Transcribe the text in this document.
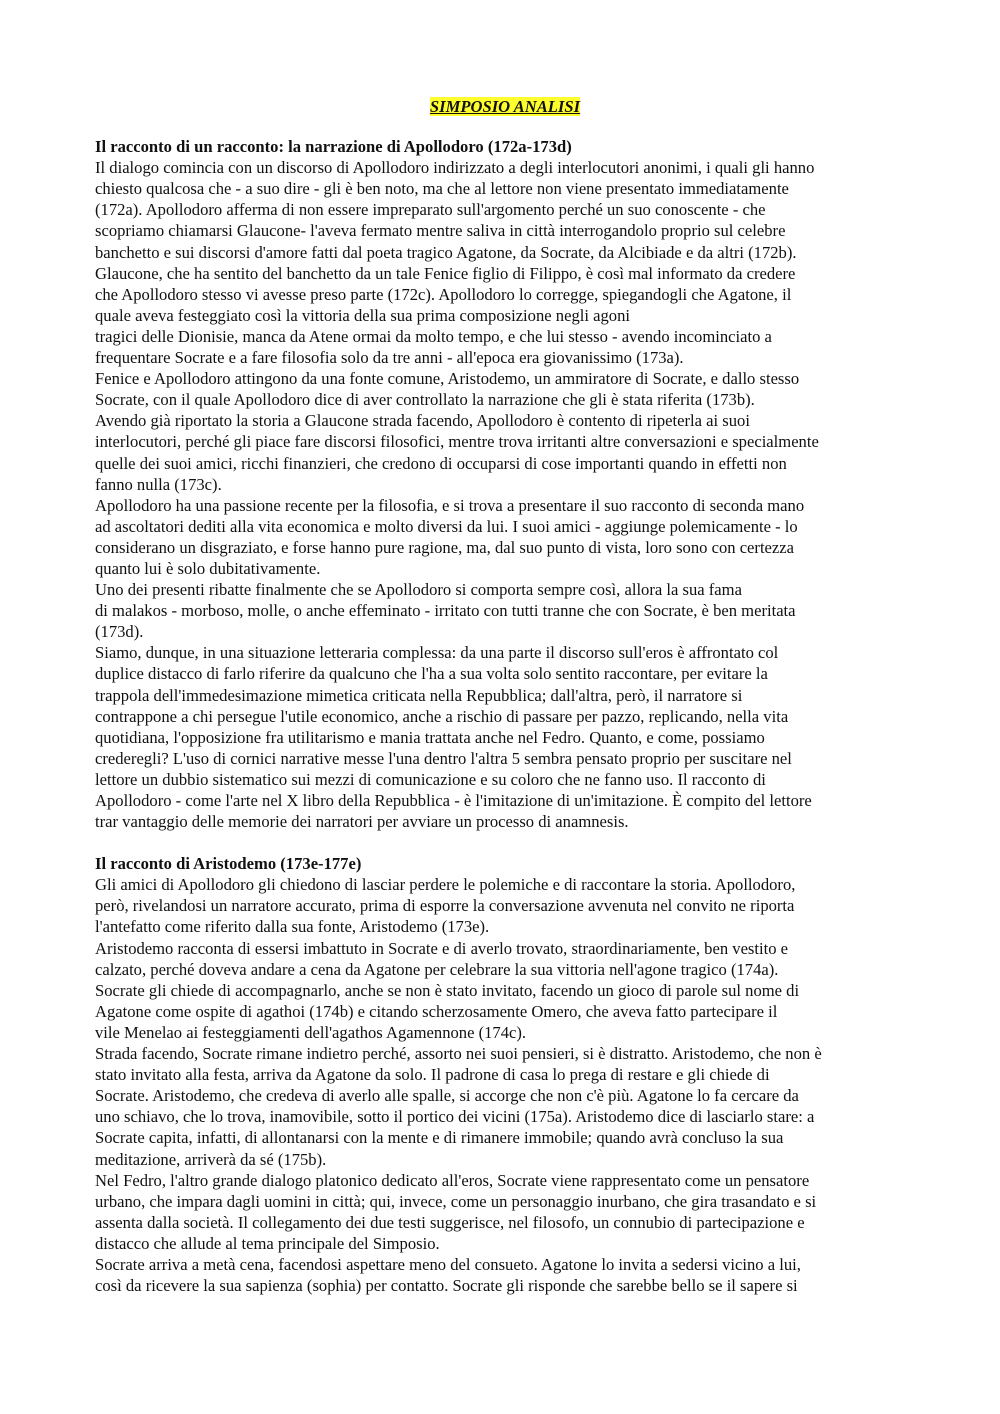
SIMPOSIO ANALISI
Il racconto di un racconto: la narrazione di Apollodoro (172a-173d)
Il dialogo comincia con un discorso di Apollodoro indirizzato a degli interlocutori anonimi, i quali gli hanno
chiesto qualcosa che - a suo dire - gli è ben noto, ma che al lettore non viene presentato immediatamente
(172a). Apollodoro afferma di non essere impreparato sull'argomento perché un suo conoscente - che
scopriamo chiamarsi Glaucone- l'aveva fermato mentre saliva in città interrogandolo proprio sul celebre
banchetto e sui discorsi d'amore fatti dal poeta tragico Agatone, da Socrate, da Alcibiade e da altri (172b).
Glaucone, che ha sentito del banchetto da un tale Fenice figlio di Filippo, è così mal informato da credere
che Apollodoro stesso vi avesse preso parte (172c). Apollodoro lo corregge, spiegandogli che Agatone, il
quale aveva festeggiato così la vittoria della sua prima composizione negli agoni
tragici delle Dionisie, manca da Atene ormai da molto tempo, e che lui stesso - avendo incominciato a
frequentare Socrate e a fare filosofia solo da tre anni - all'epoca era giovanissimo (173a).
Fenice e Apollodoro attingono da una fonte comune, Aristodemo, un ammiratore di Socrate, e dallo stesso
Socrate, con il quale Apollodoro dice di aver controllato la narrazione che gli è stata riferita (173b).
Avendo già riportato la storia a Glaucone strada facendo, Apollodoro è contento di ripeterla ai suoi
interlocutori, perché gli piace fare discorsi filosofici, mentre trova irritanti altre conversazioni e specialmente
quelle dei suoi amici, ricchi finanzieri, che credono di occuparsi di cose importanti quando in effetti non
fanno nulla (173c).
Apollodoro ha una passione recente per la filosofia, e si trova a presentare il suo racconto di seconda mano
ad ascoltatori dediti alla vita economica e molto diversi da lui. I suoi amici - aggiunge polemicamente - lo
considerano un disgraziato, e forse hanno pure ragione, ma, dal suo punto di vista, loro sono con certezza
quanto lui è solo dubitativamente.
Uno dei presenti ribatte finalmente che se Apollodoro si comporta sempre così, allora la sua fama
di malakos - morboso, molle, o anche effeminato - irritato con tutti tranne che con Socrate, è ben meritata
(173d).
Siamo, dunque, in una situazione letteraria complessa: da una parte il discorso sull'eros è affrontato col
duplice distacco di farlo riferire da qualcuno che l'ha a sua volta solo sentito raccontare, per evitare la
trappola dell'immedesimazione mimetica criticata nella Repubblica; dall'altra, però, il narratore si
contrappone a chi persegue l'utile economico, anche a rischio di passare per pazzo, replicando, nella vita
quotidiana, l'opposizione fra utilitarismo e mania trattata anche nel Fedro. Quanto, e come, possiamo
crederegli? L'uso di cornici narrative messe l'una dentro l'altra 5 sembra pensato proprio per suscitare nel
lettore un dubbio sistematico sui mezzi di comunicazione e su coloro che ne fanno uso. Il racconto di
Apollodoro - come l'arte nel X libro della Repubblica - è l'imitazione di un'imitazione. È compito del lettore
trar vantaggio delle memorie dei narratori per avviare un processo di anamnesis.
Il racconto di Aristodemo (173e-177e)
Gli amici di Apollodoro gli chiedono di lasciar perdere le polemiche e di raccontare la storia. Apollodoro,
però, rivelandosi un narratore accurato, prima di esporre la conversazione avvenuta nel convito ne riporta
l'antefatto come riferito dalla sua fonte, Aristodemo (173e).
Aristodemo racconta di essersi imbattuto in Socrate e di averlo trovato, straordinariamente, ben vestito e
calzato, perché doveva andare a cena da Agatone per celebrare la sua vittoria nell'agone tragico (174a).
Socrate gli chiede di accompagnarlo, anche se non è stato invitato, facendo un gioco di parole sul nome di
Agatone come ospite di agathoi (174b) e citando scherzosamente Omero, che aveva fatto partecipare il
vile Menelao ai festeggiamenti dell'agathos Agamennone (174c).
Strada facendo, Socrate rimane indietro perché, assorto nei suoi pensieri, si è distratto. Aristodemo, che non è
stato invitato alla festa, arriva da Agatone da solo. Il padrone di casa lo prega di restare e gli chiede di
Socrate. Aristodemo, che credeva di averlo alle spalle, si accorge che non c'è più. Agatone lo fa cercare da
uno schiavo, che lo trova, inamovibile, sotto il portico dei vicini (175a). Aristodemo dice di lasciarlo stare: a
Socrate capita, infatti, di allontanarsi con la mente e di rimanere immobile; quando avrà concluso la sua
meditazione, arriverà da sé (175b).
Nel Fedro, l'altro grande dialogo platonico dedicato all'eros, Socrate viene rappresentato come un pensatore
urbano, che impara dagli uomini in città; qui, invece, come un personaggio inurbano, che gira trasandato e si
assenta dalla società. Il collegamento dei due testi suggerisce, nel filosofo, un connubio di partecipazione e
distacco che allude al tema principale del Simposio.
Socrate arriva a metà cena, facendosi aspettare meno del consueto. Agatone lo invita a sedersi vicino a lui,
così da ricevere la sua sapienza (sophia) per contatto. Socrate gli risponde che sarebbe bello se il sapere si
